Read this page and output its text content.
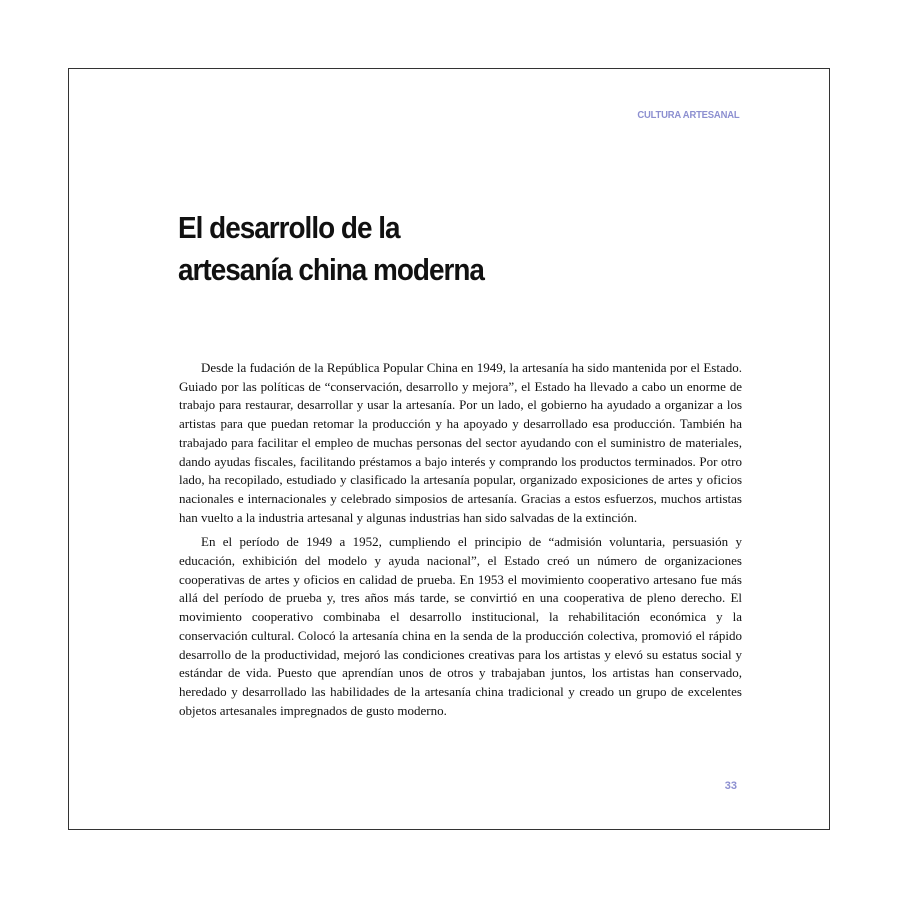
CULTURA ARTESANAL
El desarrollo de la
artesanía china moderna

Desde la fudación de la República Popular China en 1949, la artesanía ha sido mantenida por el Estado. Guiado por las políticas de “conservación, desarrollo y mejora”, el Estado ha llevado a cabo un enorme de trabajo para restaurar, desarrollar y usar la artesanía. Por un lado, el gobierno ha ayudado a organizar a los artistas para que puedan retomar la producción y ha apoyado y desarrollado esa producción. También ha trabajado para facilitar el empleo de muchas personas del sector ayudando con el suministro de materiales, dando ayudas fiscales, facilitando préstamos a bajo interés y comprando los productos terminados. Por otro lado, ha recopilado, estudiado y clasificado la artesanía popular, organizado exposiciones de artes y oficios nacionales e internacionales y celebrado simposios de artesanía. Gracias a estos esfuerzos, muchos artistas han vuelto a la industria artesanal y algunas industrias han sido salvadas de la extinción.

En el período de 1949 a 1952, cumpliendo el principio de “admisión voluntaria, persuasión y educación, exhibición del modelo y ayuda nacional”, el Estado creó un número de organizaciones cooperativas de artes y oficios en calidad de prueba. En 1953 el movimiento cooperativo artesano fue más allá del período de prueba y, tres años más tarde, se convirtió en una cooperativa de pleno derecho. El movimiento cooperativo combinaba el desarrollo institucional, la rehabilitación económica y la conservación cultural. Colocó la artesanía china en la senda de la producción colectiva, promovió el rápido desarrollo de la productividad, mejoró las condiciones creativas para los artistas y elevó su estatus social y estándar de vida. Puesto que aprendían unos de otros y trabajaban juntos, los artistas han conservado, heredado y desarrollado las habilidades de la artesanía china tradicional y creado un grupo de excelentes objetos artesanales impregnados de gusto moderno.

33
